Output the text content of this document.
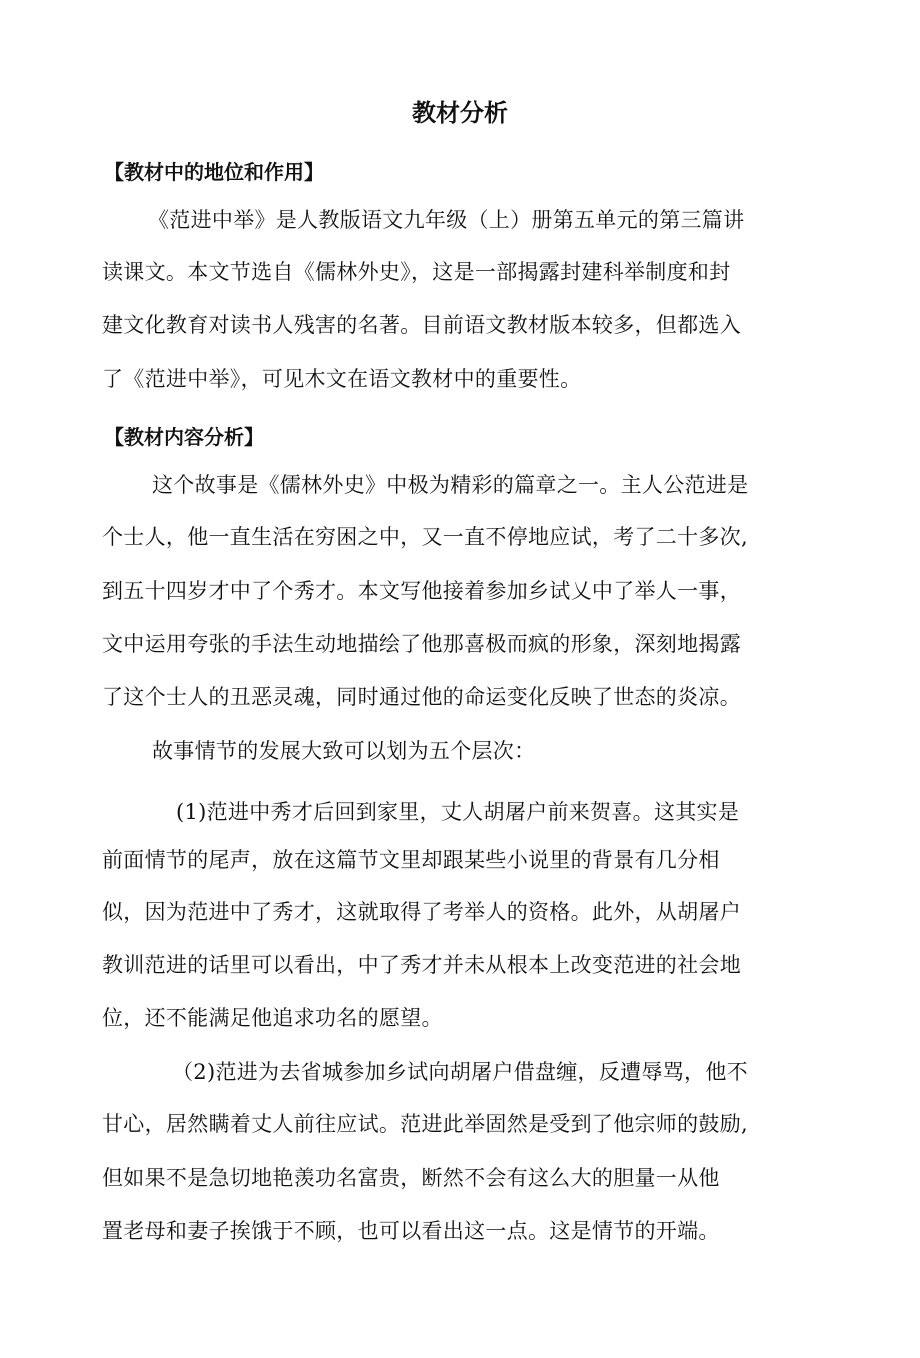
教材分析
【教材中的地位和作用】
《范进中举》是人教版语文九年级（上）册第五单元的第三篇讲
读课文。本文节选自《儒林外史》，这是一部揭露封建科举制度和封
建文化教育对读书人残害的名著。目前语文教材版本较多，但都选入
了《范进中举》，可见木文在语文教材中的重要性。
【教材内容分析】
这个故事是《儒林外史》中极为精彩的篇章之一。主人公范进是
个士人，他一直生活在穷困之中，又一直不停地应试，考了二十多次,
到五十四岁才中了个秀才。本文写他接着参加乡试乂中了举人一事，
文中运用夸张的手法生动地描绘了他那喜极而疯的形象，深刻地揭露
了这个士人的丑恶灵魂，同时通过他的命运变化反映了世态的炎凉。
故事情节的发展大致可以划为五个层次：
(1)范进中秀才后回到家里，丈人胡屠户前来贺喜。这其实是
前面情节的尾声，放在这篇节文里却跟某些小说里的背景有几分相
似，因为范进中了秀才，这就取得了考举人的资格。此外，从胡屠户
教训范进的话里可以看出，中了秀才并未从根本上改变范进的社会地
位，还不能满足他追求功名的愿望。
（2)范进为去省城参加乡试向胡屠户借盘缠，反遭辱骂，他不
甘心，居然瞒着丈人前往应试。范进此举固然是受到了他宗师的鼓励,
但如果不是急切地艳羡功名富贵，断然不会有这么大的胆量一从他
置老母和妻子挨饿于不顾，也可以看出这一点。这是情节的开端。
